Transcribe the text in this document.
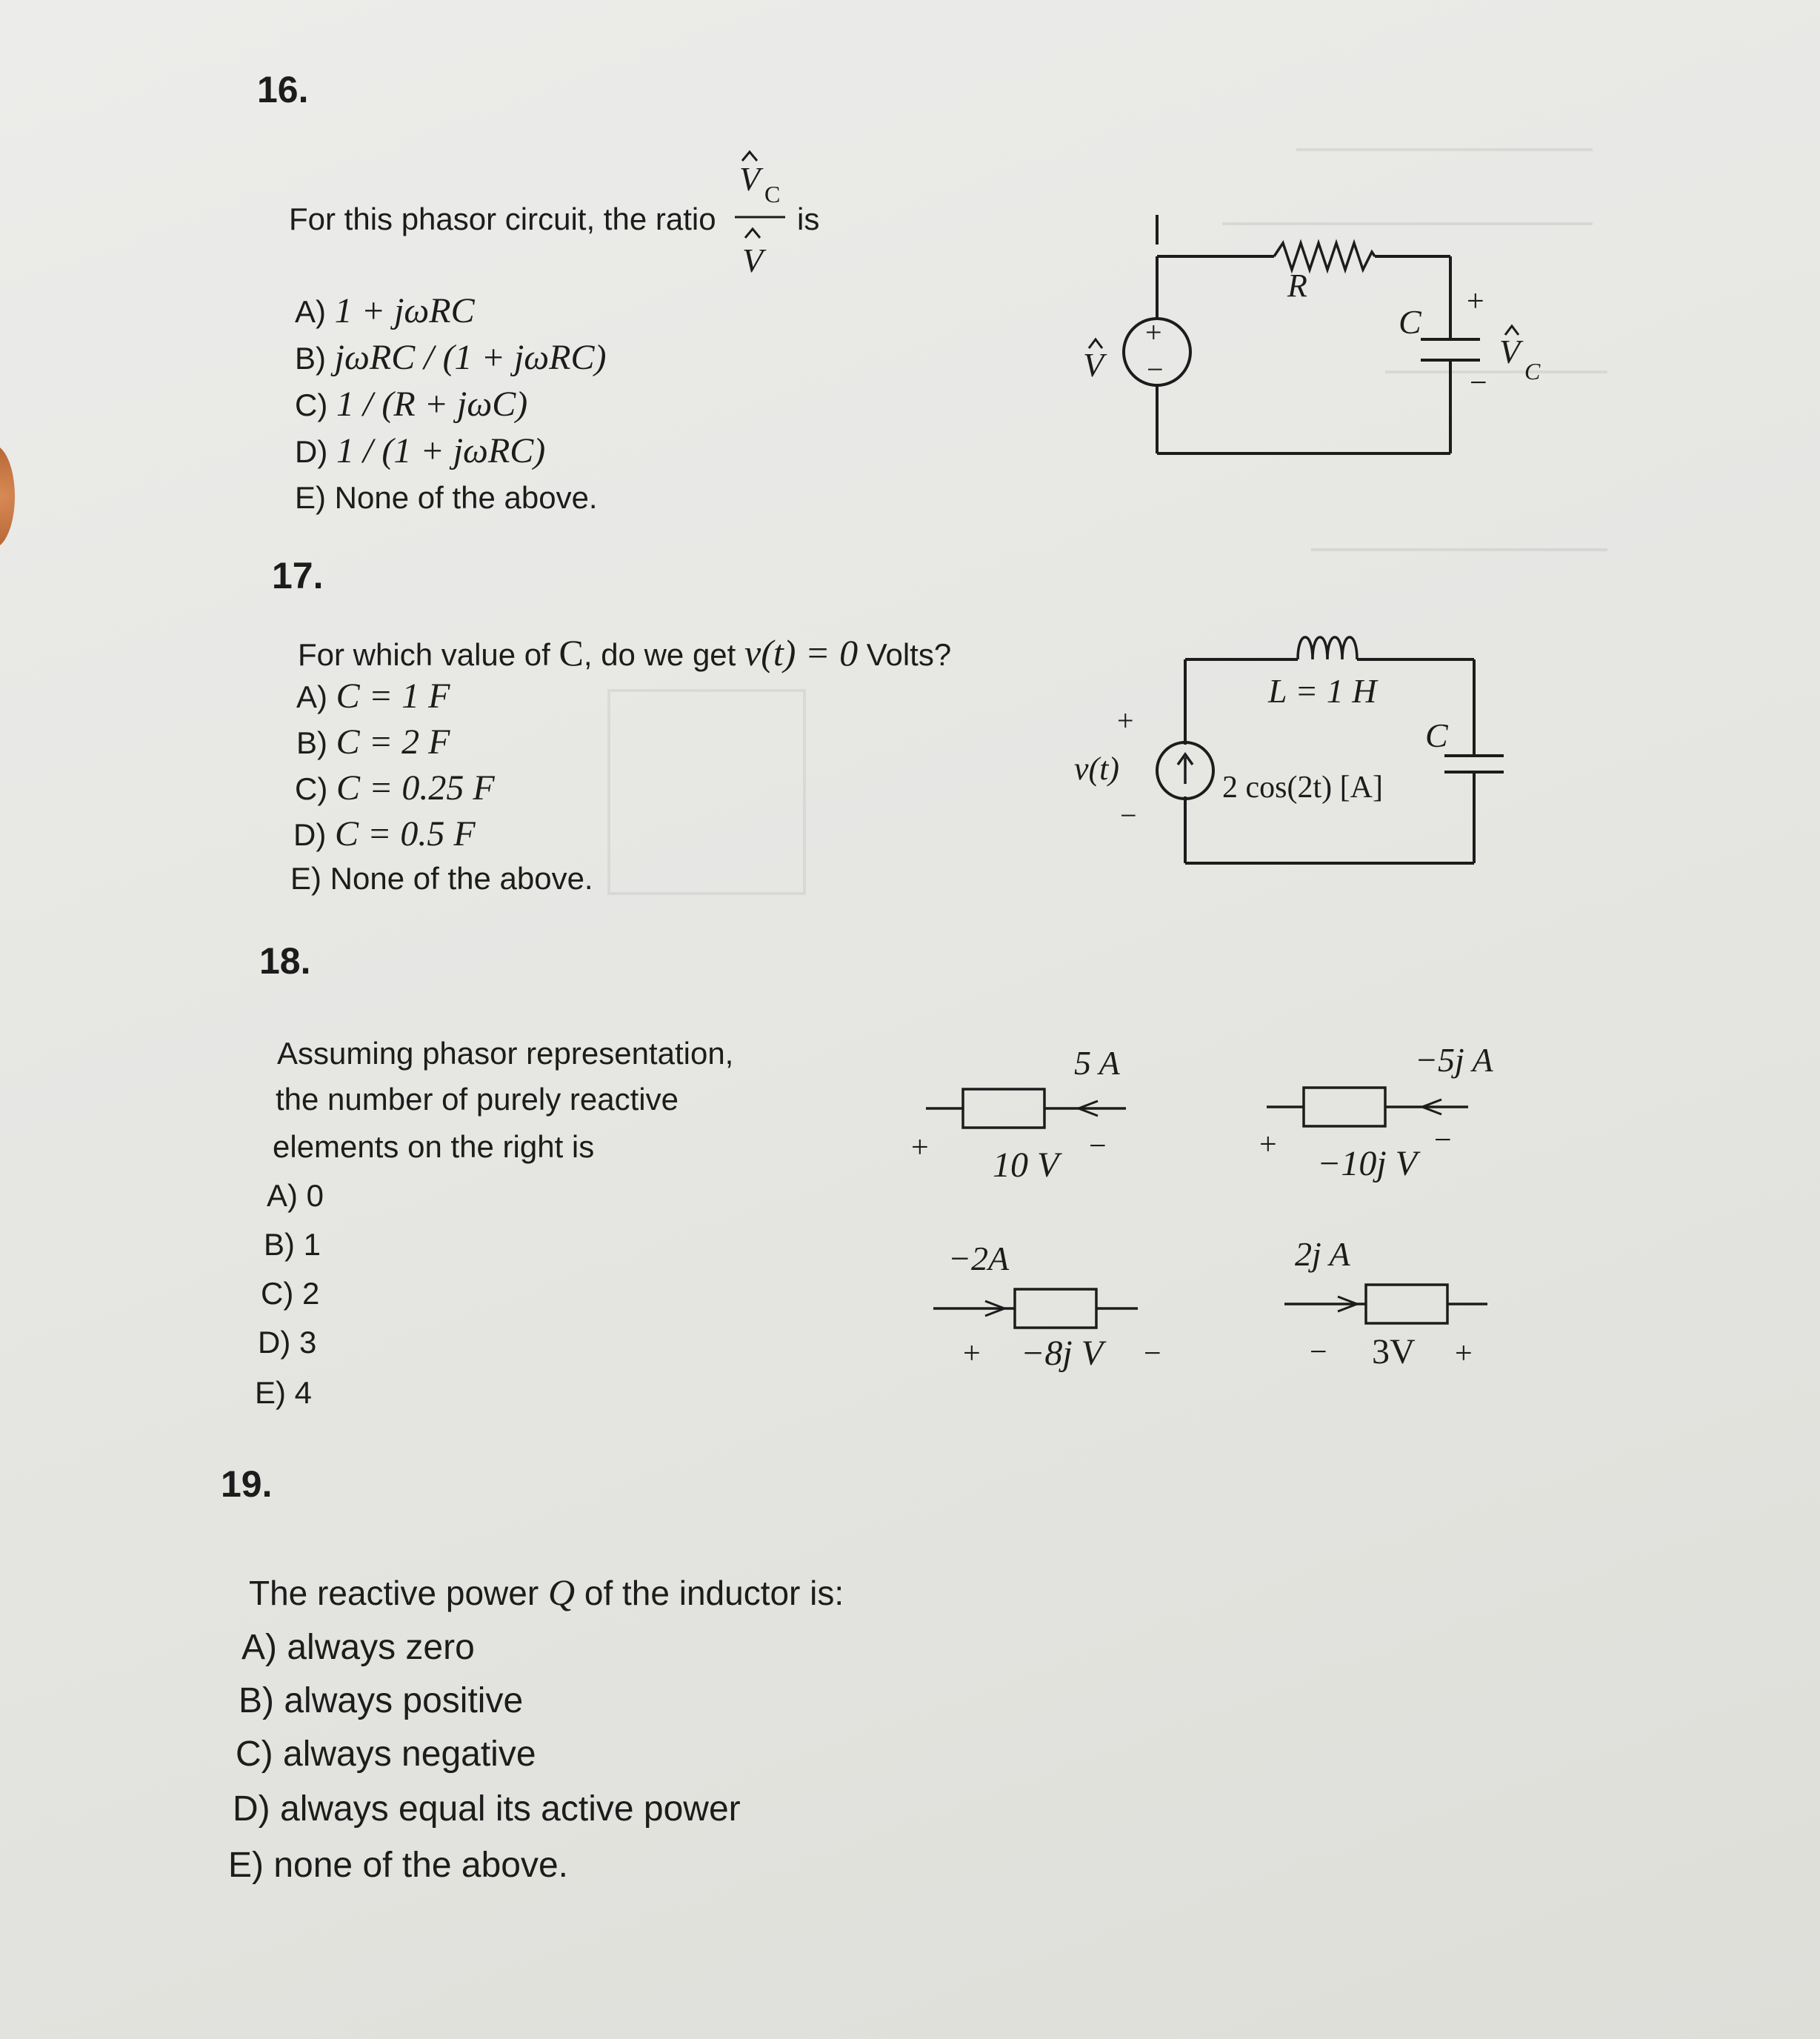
16.
For this phasor circuit, the ratio
V C
V
is
A) 1 + jωRC
B) jωRC / (1 + jωRC)
C) 1 / (R + jωC)
D) 1 / (1 + jωRC)
E) None of the above.
R
C
+
−
V
C
+
−
V
17.
For which value of C, do we get v(t) = 0 Volts?
A) C = 1 F
B) C = 2 F
C) C = 0.25 F
D) C = 0.5 F
E) None of the above.
L = 1 H
C
+
v(t)
−
2 cos(2t) [A]
18.
Assuming phasor representation,
the number of purely reactive
elements on the right is
A) 0
B) 1
C) 2
D) 3
E) 4
5 A
+ 10 V −
−5j A
+ −10j V
−
−2A
+ −8j V −
2j A
− 3V +
19.
The reactive power Q of the inductor is:
A) always zero
B) always positive
C) always negative
D) always equal its active power
E) none of the above.
